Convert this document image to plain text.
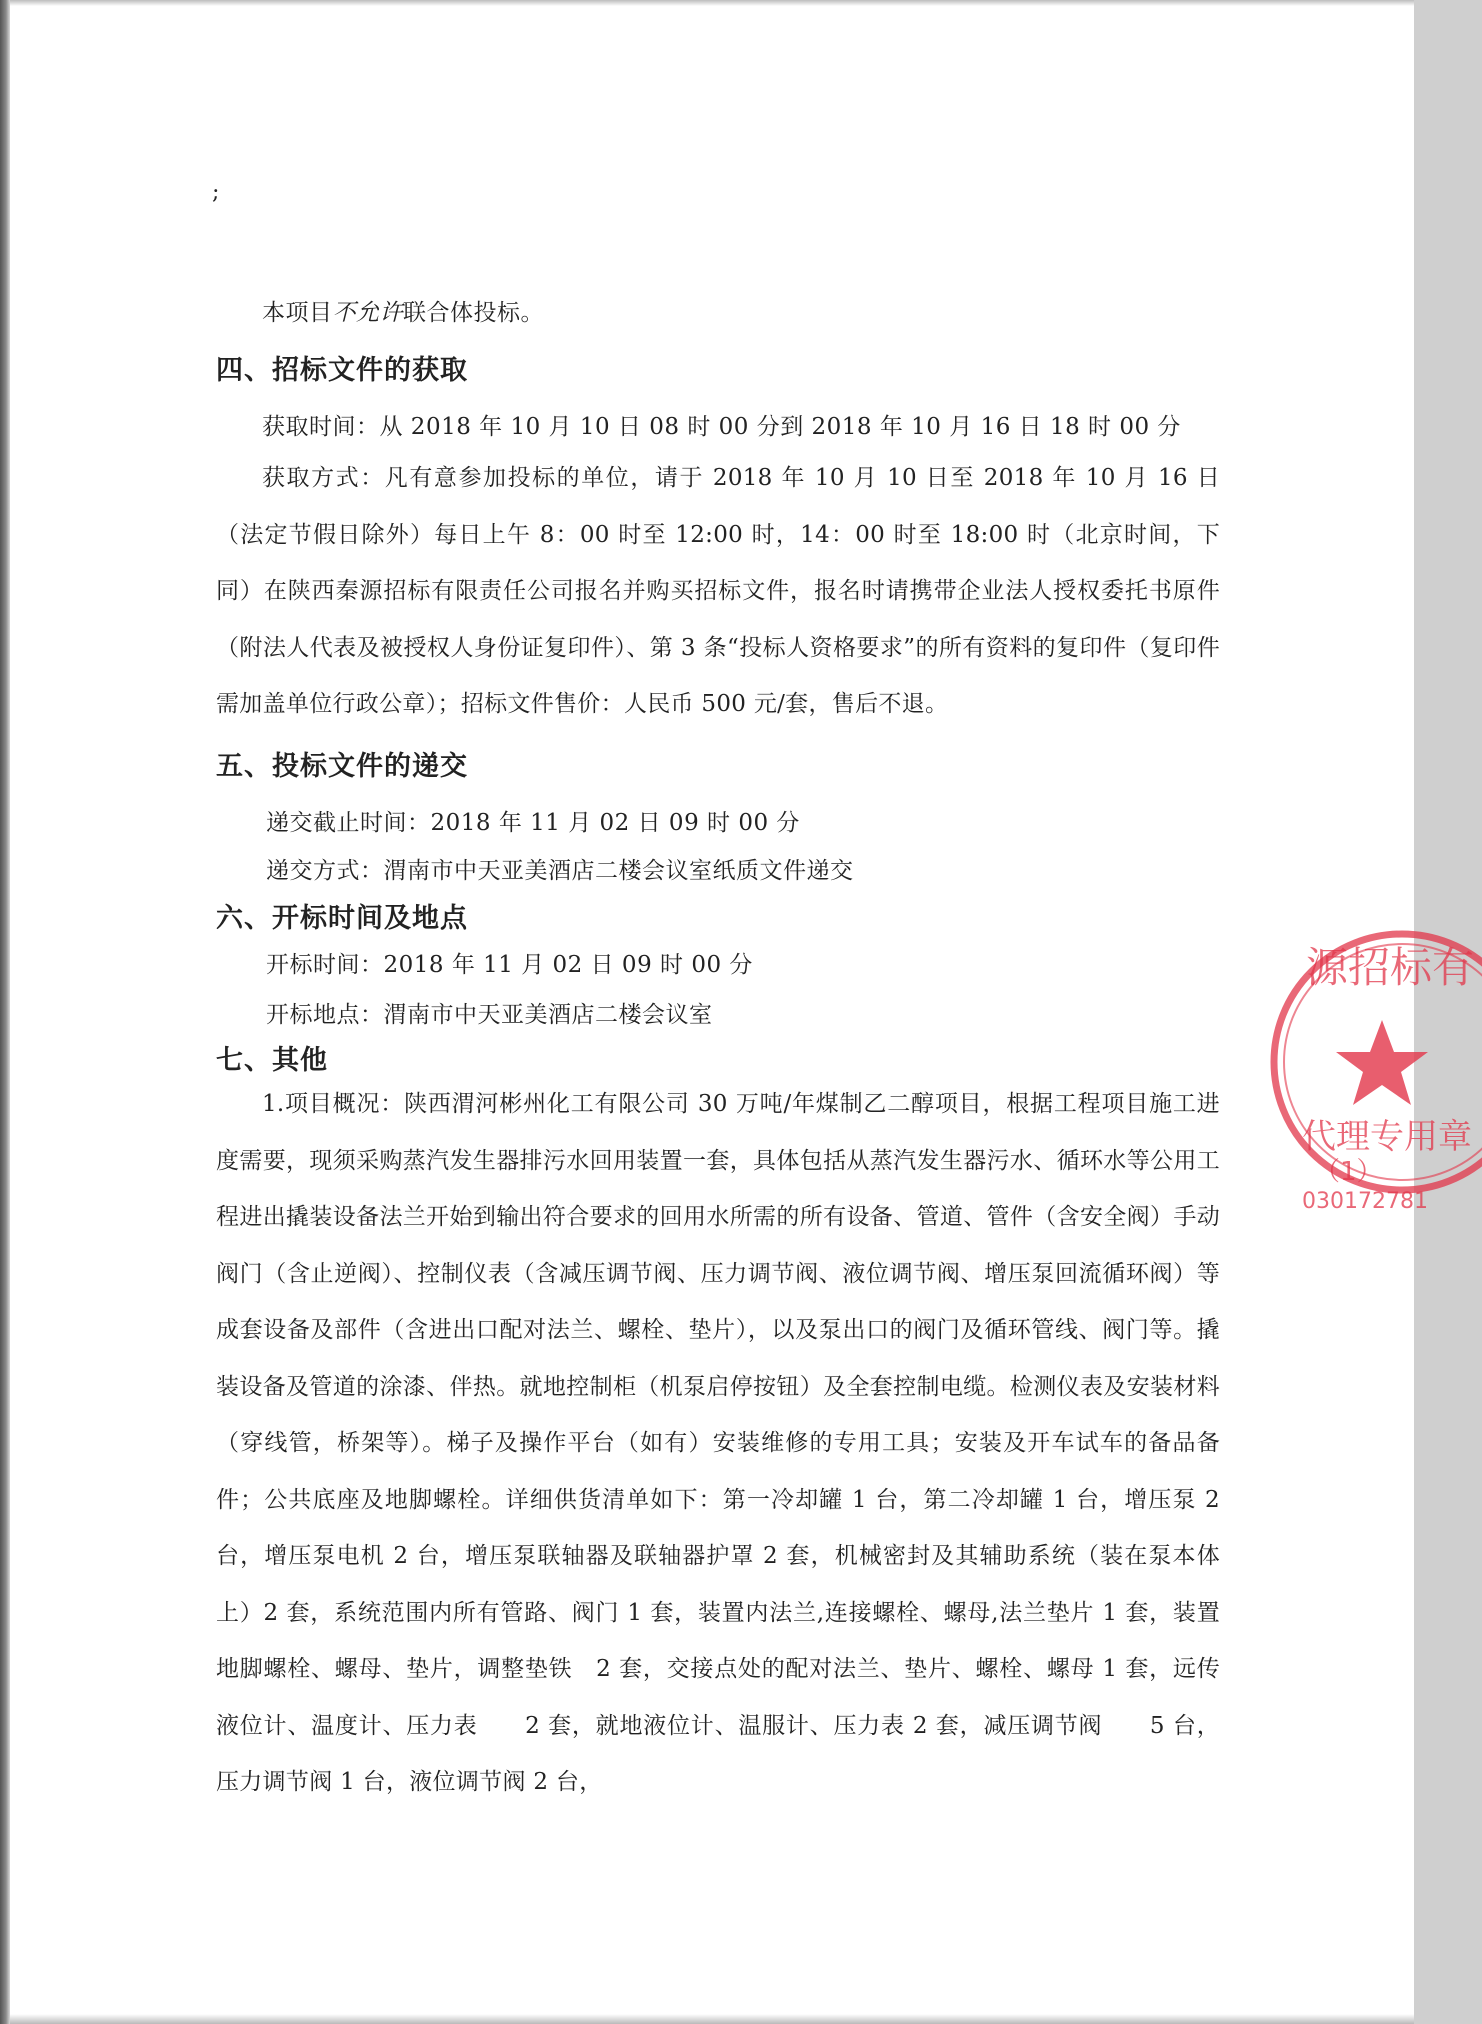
;
本项目不允许联合体投标。
四、招标文件的获取
获取时间：从 2018 年 10 月 10 日 08 时 00 分到 2018 年 10 月 16 日 18 时 00 分
获取方式：凡有意参加投标的单位，请于 2018 年 10 月 10 日至 2018 年 10 月 16 日（法定节假日除外）每日上午 8：00 时至 12:00 时，14：00 时至 18:00 时（北京时间，下同）在陕西秦源招标有限责任公司报名并购买招标文件，报名时请携带企业法人授权委托书原件（附法人代表及被授权人身份证复印件）、第 3 条“投标人资格要求”的所有资料的复印件（复印件需加盖单位行政公章）；招标文件售价：人民币 500 元/套，售后不退。
五、投标文件的递交
递交截止时间：2018 年 11 月 02 日 09 时 00 分
递交方式：渭南市中天亚美酒店二楼会议室纸质文件递交
六、开标时间及地点
开标时间：2018 年 11 月 02 日 09 时 00 分
开标地点：渭南市中天亚美酒店二楼会议室
七、其他
1.项目概况：陕西渭河彬州化工有限公司 30 万吨/年煤制乙二醇项目，根据工程项目施工进度需要，现须采购蒸汽发生器排污水回用装置一套，具体包括从蒸汽发生器污水、循环水等公用工程进出撬装设备法兰开始到输出符合要求的回用水所需的所有设备、管道、管件（含安全阀）手动阀门（含止逆阀）、控制仪表（含减压调节阀、压力调节阀、液位调节阀、增压泵回流循环阀）等成套设备及部件（含进出口配对法兰、螺栓、垫片），以及泵出口的阀门及循环管线、阀门等。撬装设备及管道的涂漆、伴热。就地控制柜（机泵启停按钮）及全套控制电缆。检测仪表及安装材料（穿线管，桥架等）。梯子及操作平台（如有）安装维修的专用工具；安装及开车试车的备品备件；公共底座及地脚螺栓。详细供货清单如下：第一冷却罐 1 台，第二冷却罐 1 台，增压泵 2 台，增压泵电机 2 台，增压泵联轴器及联轴器护罩 2 套，机械密封及其辅助系统（装在泵本体上）2 套，系统范围内所有管路、阀门 1 套，装置内法兰,连接螺栓、螺母,法兰垫片 1 套，装置地脚螺栓、螺母、垫片，调整垫铁　2 套，交接点处的配对法兰、垫片、螺栓、螺母 1 套，远传液位计、温度计、压力表　　2 套，就地液位计、温服计、压力表 2 套，减压调节阀　　5 台，压力调节阀 1 台，液位调节阀 2 台，
源招标有
代理专用章
（1）
030172781
